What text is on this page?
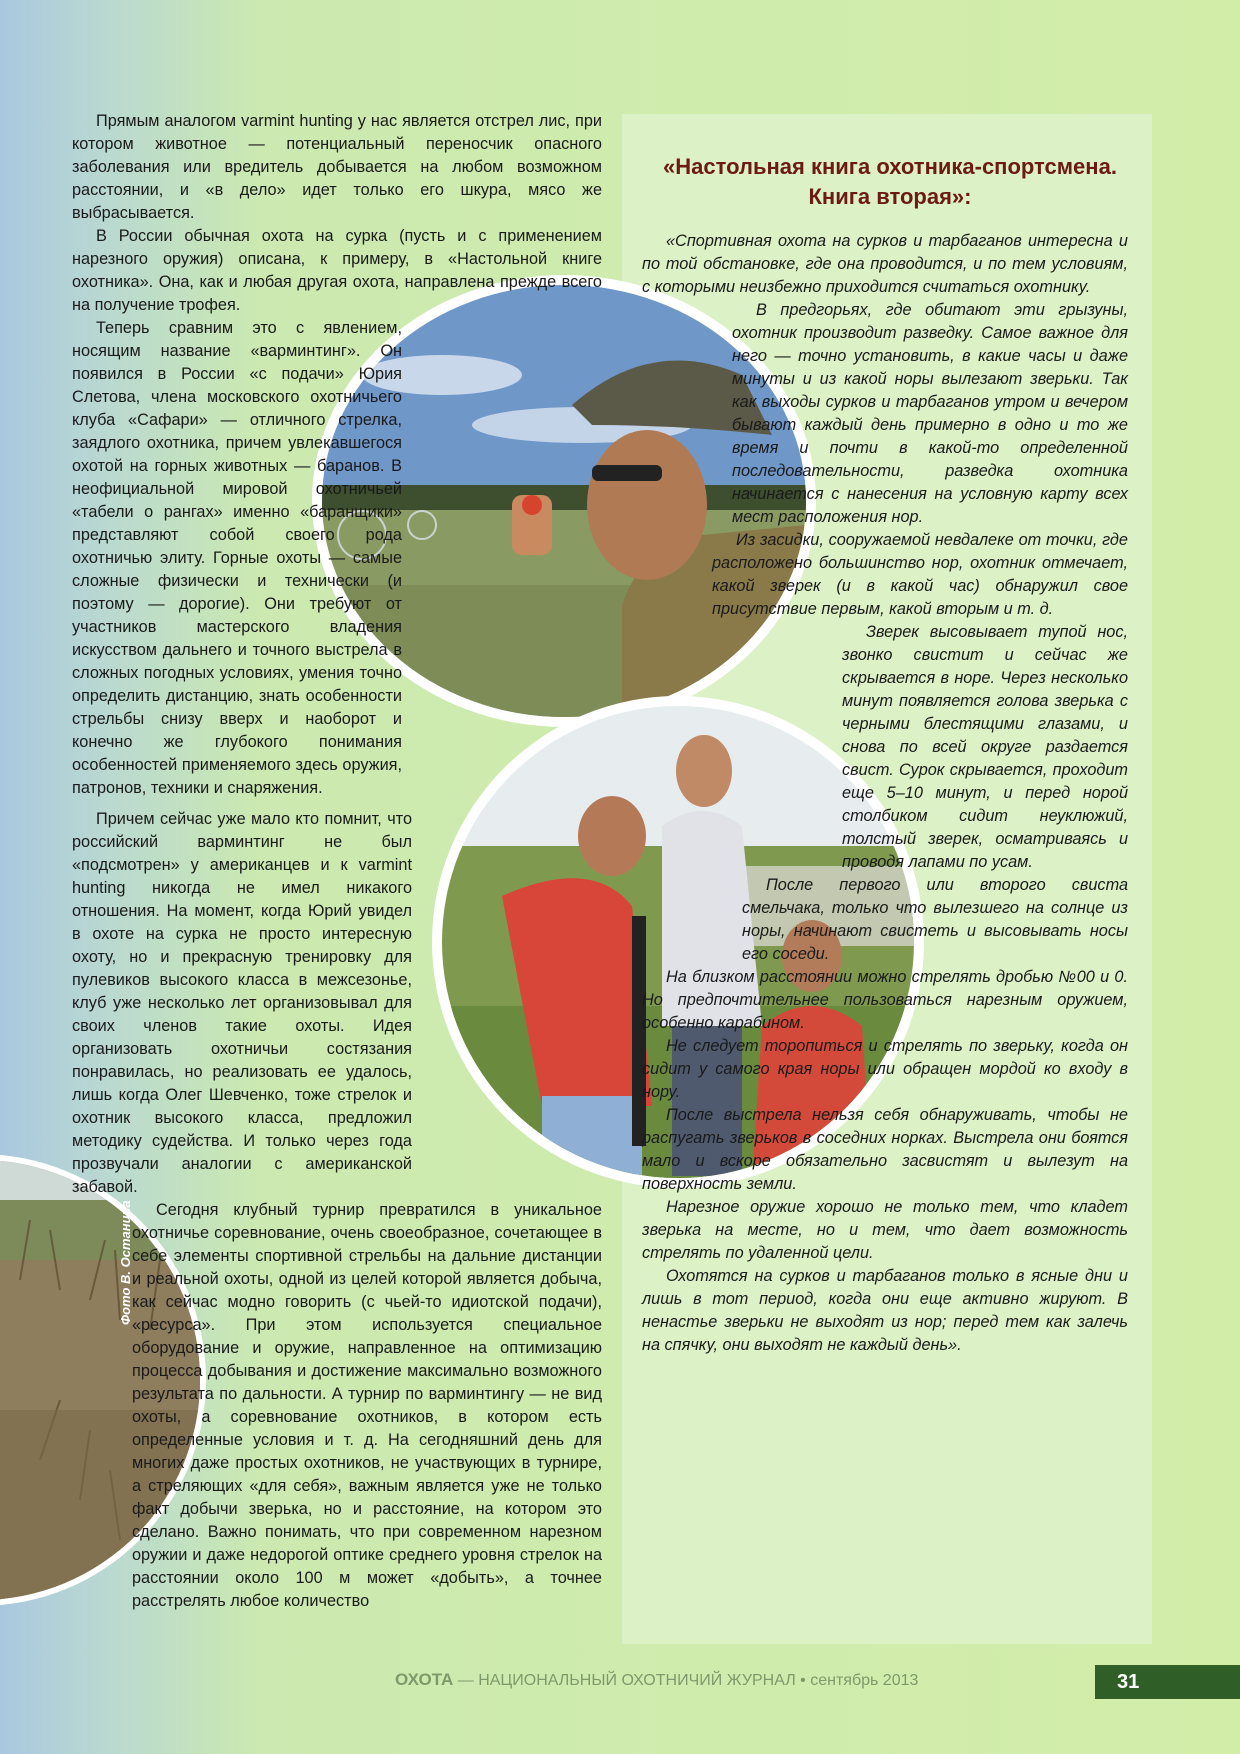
Прямым аналогом varmint hunting у нас является отстрел лис, при котором животное — потенциальный переносчик опасного заболевания или вредитель добывается на любом возможном расстоянии, и «в дело» идет только его шкура, мясо же выбрасывается.

В России обычная охота на сурка (пусть и с применением нарезного оружия) описана, к примеру, в «Настольной книге охотника». Она, как и любая другая охота, направлена прежде всего на получение трофея.

Теперь сравним это с явлением, носящим название «варминтинг». Он появился в России «с подачи» Юрия Слетова, члена московского охотничьего клуба «Сафари» — отличного стрелка, заядлого охотника, причем увлекавшегося охотой на горных животных — баранов. В неофициальной мировой охотничьей «табели о рангах» именно «баранщики» представляют собой своего рода охотничью элиту. Горные охоты — самые сложные физически и технически (и поэтому — дорогие). Они требуют от участников мастерского владения искусством дальнего и точного выстрела в сложных погодных условиях, умения точно определить дистанцию, знать особенности стрельбы снизу вверх и наоборот и конечно же глубокого понимания особенностей применяемого здесь оружия, патронов, техники и снаряжения.

Причем сейчас уже мало кто помнит, что российский варминтинг не был «подсмотрен» у американцев и к varmint hunting никогда не имел никакого отношения. На момент, когда Юрий увидел в охоте на сурка не просто интересную охоту, но и прекрасную тренировку для пулевиков высокого класса в межсезонье, клуб уже несколько лет организовывал для своих членов такие охоты. Идея организовать охотничьи состязания понравилась, но реализовать ее удалось, лишь когда Олег Шевченко, тоже стрелок и охотник высокого класса, предложил методику судейства. И только через года прозвучали аналогии с американской забавой.

Сегодня клубный турнир превратился в уникальное охотничье соревнование, очень своеобразное, сочетающее в себе элементы спортивной стрельбы на дальние дистанции и реальной охоты, одной из целей которой является добыча, как сейчас модно говорить (с чьей-то идиотской подачи), «ресурса». При этом используется специальное оборудование и оружие, направленное на оптимизацию процесса добывания и достижение максимально возможного результата по дальности. А турнир по варминтингу — не вид охоты, а соревнование охотников, в котором есть определенные условия и т. д. На сегодняшний день для многих даже простых охотников, не участвующих в турнире, а стреляющих «для себя», важным является уже не только факт добычи зверька, но и расстояние, на котором это сделано. Важно понимать, что при современном нарезном оружии и даже недорогой оптике среднего уровня стрелок на расстоянии около 100 м может «добыть», а точнее расстрелять любое количество

«Настольная книга охотника-спортсмена.
Книга вторая»:

«Спортивная охота на сурков и тарбаганов интересна и по той обстановке, где она проводится, и по тем условиям, с которыми неизбежно приходится считаться охотнику.

В предгорьях, где обитают эти грызуны, охотник производит разведку. Самое важное для него — точно установить, в какие часы и даже минуты и из какой норы вылезают зверьки. Так как выходы сурков и тарбаганов утром и вечером бывают каждый день примерно в одно и то же время и почти в какой-то определенной последовательности, разведка охотника начинается с нанесения на условную карту всех мест расположения нор.

Из засидки, сооружаемой невдалеке от точки, где расположено большинство нор, охотник отмечает, какой зверек (и в какой час) обнаружил свое присутствие первым, какой вторым и т. д.

Зверек высовывает тупой нос, звонко свистит и сейчас же скрывается в норе. Через несколько минут появляется голова зверька с черными блестящими глазами, и снова по всей округе раздается свист. Сурок скрывается, проходит еще 5–10 минут, и перед норой столбиком сидит неуклюжий, толстый зверек, осматриваясь и проводя лапами по усам.

После первого или второго свиста смельчака, только что вылезшего на солнце из норы, начинают свистеть и высовывать носы его соседи.

На близком расстоянии можно стрелять дробью №00 и 0. Но предпочтительнее пользоваться нарезным оружием, особенно карабином.

Не следует торопиться и стрелять по зверьку, когда он сидит у самого края норы или обращен мордой ко входу в нору.

После выстрела нельзя себя обнаруживать, чтобы не распугать зверьков в соседних норках. Выстрела они боятся мало и вскоре обязательно засвистят и вылезут на поверхность земли.

Нарезное оружие хорошо не только тем, что кладет зверька на месте, но и тем, что дает возможность стрелять по удаленной цели.

Охотятся на сурков и тарбаганов только в ясные дни и лишь в тот период, когда они еще активно жируют. В ненастье зверьки не выходят из нор; перед тем как залечь на спячку, они выходят не каждый день».

Фото В. Останина
ОХОТА — НАЦИОНАЛЬНЫЙ ОХОТНИЧИЙ ЖУРНАЛ • сентябрь 2013	31
